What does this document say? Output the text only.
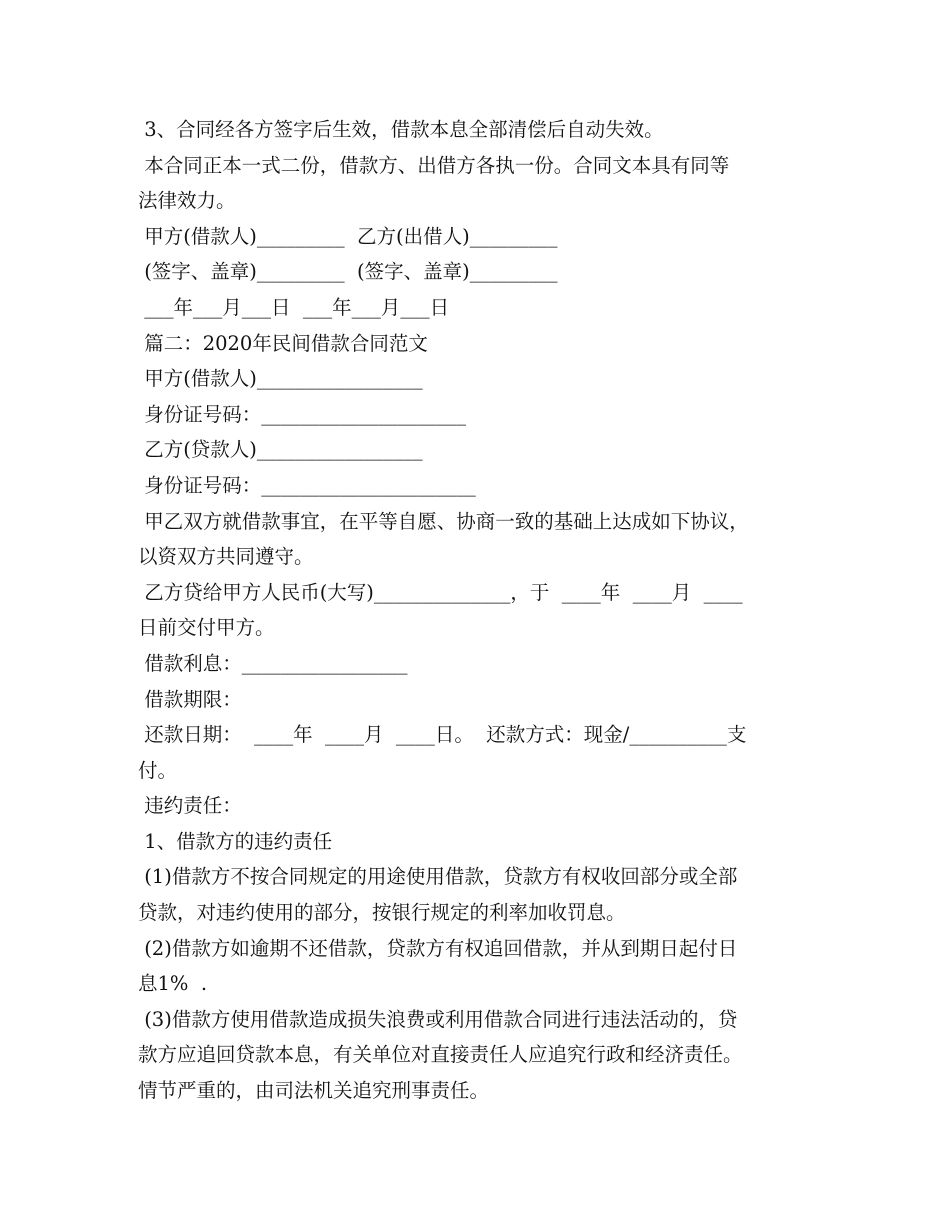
3、合同经各方签字后生效，借款本息全部清偿后自动失效。
本合同正本一式二份，借款方、出借方各执一份。合同文本具有同等
法律效力。
甲方(借款人)_________  乙方(出借人)_________
(签字、盖章)_________  (签字、盖章)_________
___年___月___日  ___年___月___日
篇二：2020年民间借款合同范文
甲方(借款人)_________________
身份证号码：_____________________
乙方(贷款人)_________________
身份证号码：______________________
甲乙双方就借款事宜，在平等自愿、协商一致的基础上达成如下协议，
以资双方共同遵守。
乙方贷给甲方人民币(大写)______________，于  ____年  ____月  ____
日前交付甲方。
借款利息：_________________
借款期限：
还款日期：  ____年  ____月  ____日。  还款方式：现金/__________支
付。
违约责任：
1、借款方的违约责任
(1)借款方不按合同规定的用途使用借款，贷款方有权收回部分或全部
贷款，对违约使用的部分，按银行规定的利率加收罚息。
(2)借款方如逾期不还借款，贷款方有权追回借款，并从到期日起付日
息1%  .
(3)借款方使用借款造成损失浪费或利用借款合同进行违法活动的，贷
款方应追回贷款本息，有关单位对直接责任人应追究行政和经济责任。
情节严重的，由司法机关追究刑事责任。
